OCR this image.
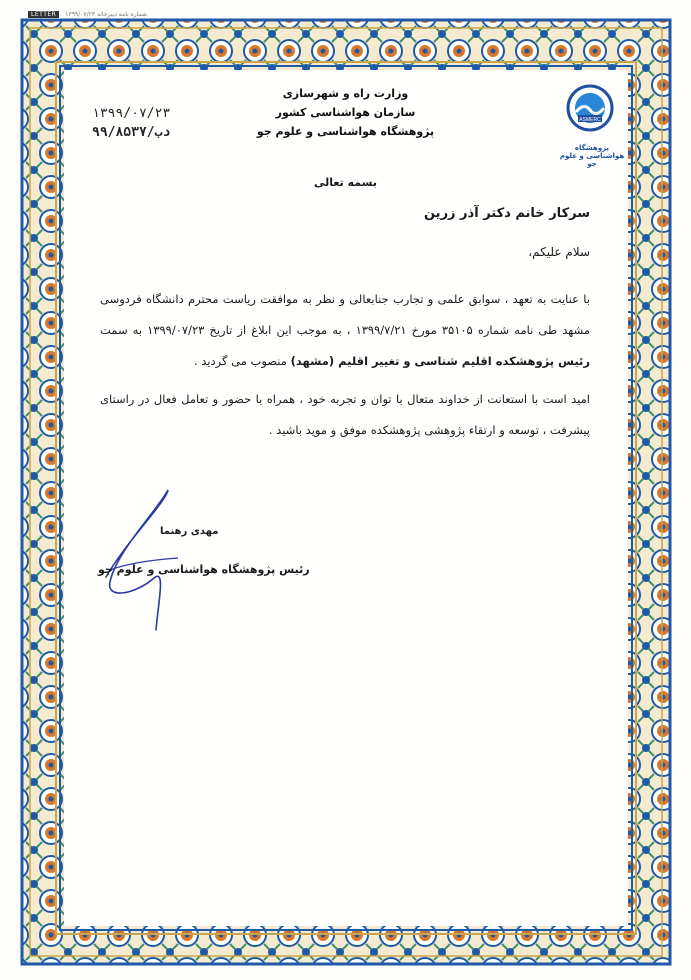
LETTER ۱۳۹۹/۰۷/۲۳ شماره نامه دیبرخانه
ASMERC
پژوهشگاه هواشناسی و علوم جو
وزارت راه و شهرسازی
سازمان هواشناسی کشور
پژوهشگاه هواشناسی و علوم جو
۱۳۹۹/۰۷/۲۳
دب/۹۹/۸۵۳۷
بسمه تعالی
سرکار خانم دکتر آذر زرین
سلام علیکم،
با عنایت به تعهد ، سوابق علمی و تجارب جنابعالی و نظر به موافقت ریاست محترم دانشگاه فردوسی مشهد طی نامه شماره ۳۵۱۰۵ مورخ ۱۳۹۹/۷/۲۱ ، به موجب این ابلاغ از تاریخ ۱۳۹۹/۰۷/۲۳ به سمت رئیس پژوهشکده اقلیم شناسی و تغییر اقلیم (مشهد) منصوب می گردید .
امید است با استعانت از خداوند متعال با توان و تجربه خود ، همراه با حضور و تعامل فعال در راستای پیشرفت ، توسعه و ارتقاء پژوهشی پژوهشکده موفق و موید باشید .
مهدی رهنما
رئیس پژوهشگاه هواشناسی و علوم جو
